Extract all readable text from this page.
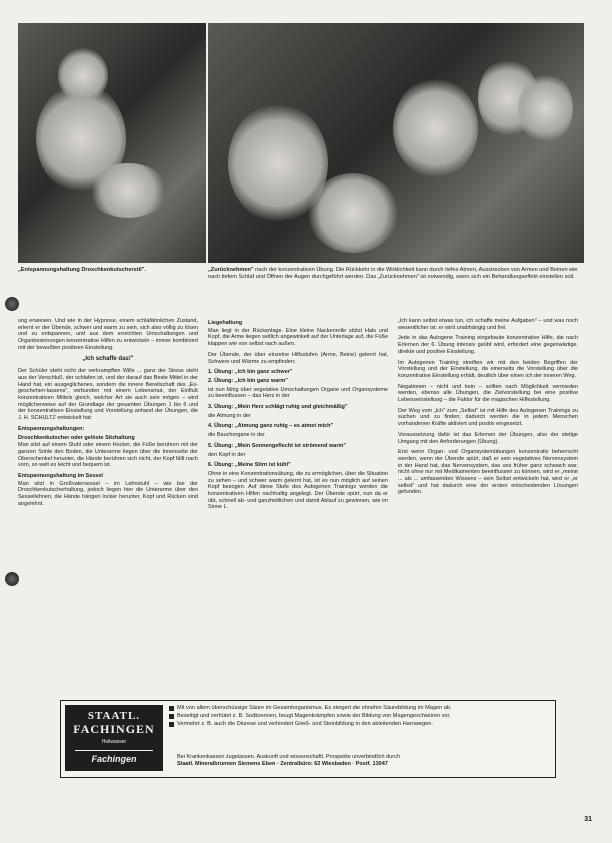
„Entspannungshaltung Droschkenkutscherstil".	„Zurücknehmen" nach der konzentrativen Übung. Die Rückkehr in die Wirklichkeit kann durch tiefes Atmen, Ausstrecken von Armen und Beinen wie nach tiefem Schlaf und Öffnen der Augen durchgeführt werden. Das „Zurücknehmen" ist notwendig, wenn sich ein Behandlungseffekt einstellen soll.

ung erwiesen. Und wie in der Hypnose, einem schlafähnlichen Zustand, erlernt er der Übende, schwer und warm zu sein, sich also völlig zu lösen und zu entspannen, und aus dem erreichten Umschaltungen und Organbesinnungen konzentrative Hilfen zu entwickeln – immer kombiniert mit der bewußten positiven Einstellung:

„Ich schaffe das!"

Der Schüler steht nicht der verkrampften Wille ... ganz der Stress steht aus der Verschluß, der schlafen ist, und der darauf das Beste Mittel in der Hand hat, ein ausgeglichenes, sondern die innere Bereitschaft des „Es-geschehen-lassens", verbunden mit einem Lebensmut, der Einfluß konzentrativen Mittels gleich, welcher Art sie auch sein mögen – wird möglicherweise auf der Grundlage der gesamten Übungen 1 bis 6 und der konzentrativen Einstellung und Vorstellung anhand der Übungen, die J. H. SCHULTZ entwickelt hat:

Entspannungshaltungen:

Droschkenkutscher oder gelöste Sitzhaltung

Man sitzt auf einem Stuhl oder einem Hocker, die Füße berühren mit der ganzen Sohle den Boden, die Unterarme liegen über die Innenseite der Oberschenkel herunter, die Hände berühren sich nicht, der Kopf fällt nach vorn, so weit es leicht und bequem ist.

Entspannungshaltung im Sessel

Man sitzt in Großvatersessel – im Lehnstuhl – wie bei der Droschkenkutscherhaltung, jedoch liegen hier die Unterarme über den Sessellehnen, die Hände hängen locker herunter, Kopf und Rücken sind angelehnt.

Liegehaltung

Man liegt in der Rückenlage. Eine kleine Nackenrolle stützt Hals und Kopf, die Arme liegen seitlich angewinkelt auf der Unterlage auf, die Füße klappen wie von selbst nach außen.

Der Übende, der über einzelne Hilfsstufen (Arme, Beine) gelernt hat, Schwere und Wärme zu empfinden:

1. Übung: „Ich bin ganz schwer"

2. Übung: „Ich bin ganz warm"

ist nun fähig über vegetative Umschaltungen Organe und Organsysteme zu beeinflussen – das Herz in der

3. Übung: „Mein Herz schlägt ruhig und gleichmäßig"

die Atmung in der

4. Übung: „Atmung ganz ruhig – es atmet mich"

die Bauchorgane in der

5. Übung: „Mein Sonnengeflecht ist strömend warm"

den Kopf in der

6. Übung: „Meine Stirn ist kühl"

Ohne in eine Konzentrationsübung, die zu ermöglichen, über die Situation zu sehen – und schwer warm gelernt hat, ist es nun möglich auf seinen Kopf bezogen. Auf diese Stufe des Autogenen Trainings werden die konzentrativen Hilfen nachhaltig angelegt. Der Übende spürt, nun da er übt, schnell ab- und ganzheitlichen und damit Ablauf zu gewinnen, wie im Sinne L.

„Ich kann selbst etwas tun, ich schaffe meine Aufgaben" – und was noch wesentlicher ist: er wird unabhängig und frei.

Jede in das Autogene Training eingebaute konzentrative Hilfe, die nach Erlernen der 6. Übung intensiv geübt wird, erfordert eine gegenwärtige, direkte und positive Einstellung.

Im Autogenen Training streiften wir mit den beiden Begriffen der Vorstellung und der Einstellung, da einerseits die Vorstellung über die konzentrative Einstellung erhält, deutlich über einen ich der inneren Weg.

Negationen – nicht und kein – sollten nach Möglichkeit vermieden werden, ebenso alle Übungen, die Zielvorstellung bei eine positive Lebenseinstellung – die Faktor für die magischen Hilfestellung.

Der Weg vom „Ich" zum „Selbst" ist mit Hilfe des Autogenen Trainings zu suchen und zu finden; dadurch werden die in jedem Menschen vorhandenen Kräfte aktiviert und positiv eingesetzt.

Voraussetzung dafür ist das Erlernen der Übungen, also der stetige Umgang mit den Anforderungen (Übung).

Erst wenn Organ- und Organsystemübungen konzentrativ beherrscht werden, wenn der Übende spürt, daß er sein vegetatives Nervensystem in der Hand hat, das Nervensystem, das uns früher ganz schwach war, nicht ohne nur mit Medikamenten beeinflussen zu können, wird er „meine ... als ... umfassenden Wissens – sein Selbst entwickeln hat, wird er „er selbst" und hat dadurch eine der ersten entscheidenden Lösungen gefunden.

STAATL.
FACHINGEN
Heilwasser
Fachingen
Mit von allem überschüssige Säure im Gesamtorganismus. Es steigert die ohnehin Säurebildung im Magen ab.
Beseitigt und verhütet z. B. Sodbrennen, beugt Magenkrämpfen sowie der Bildung von Magengeschwüren vor.
Vermehrt z. B. auch die Diurese und verhindert Grieß- und Steinbildung in den ableitenden Harnwegen.
Bei Krankenkassen zugelassen. Auskunft und wissenschaftl. Prospekte unverbindlich durch
Staatl. Mineralbrunnen Siemens Eben · Zentralbüro: 62 Wiesbaden · Postf. 13047
31
